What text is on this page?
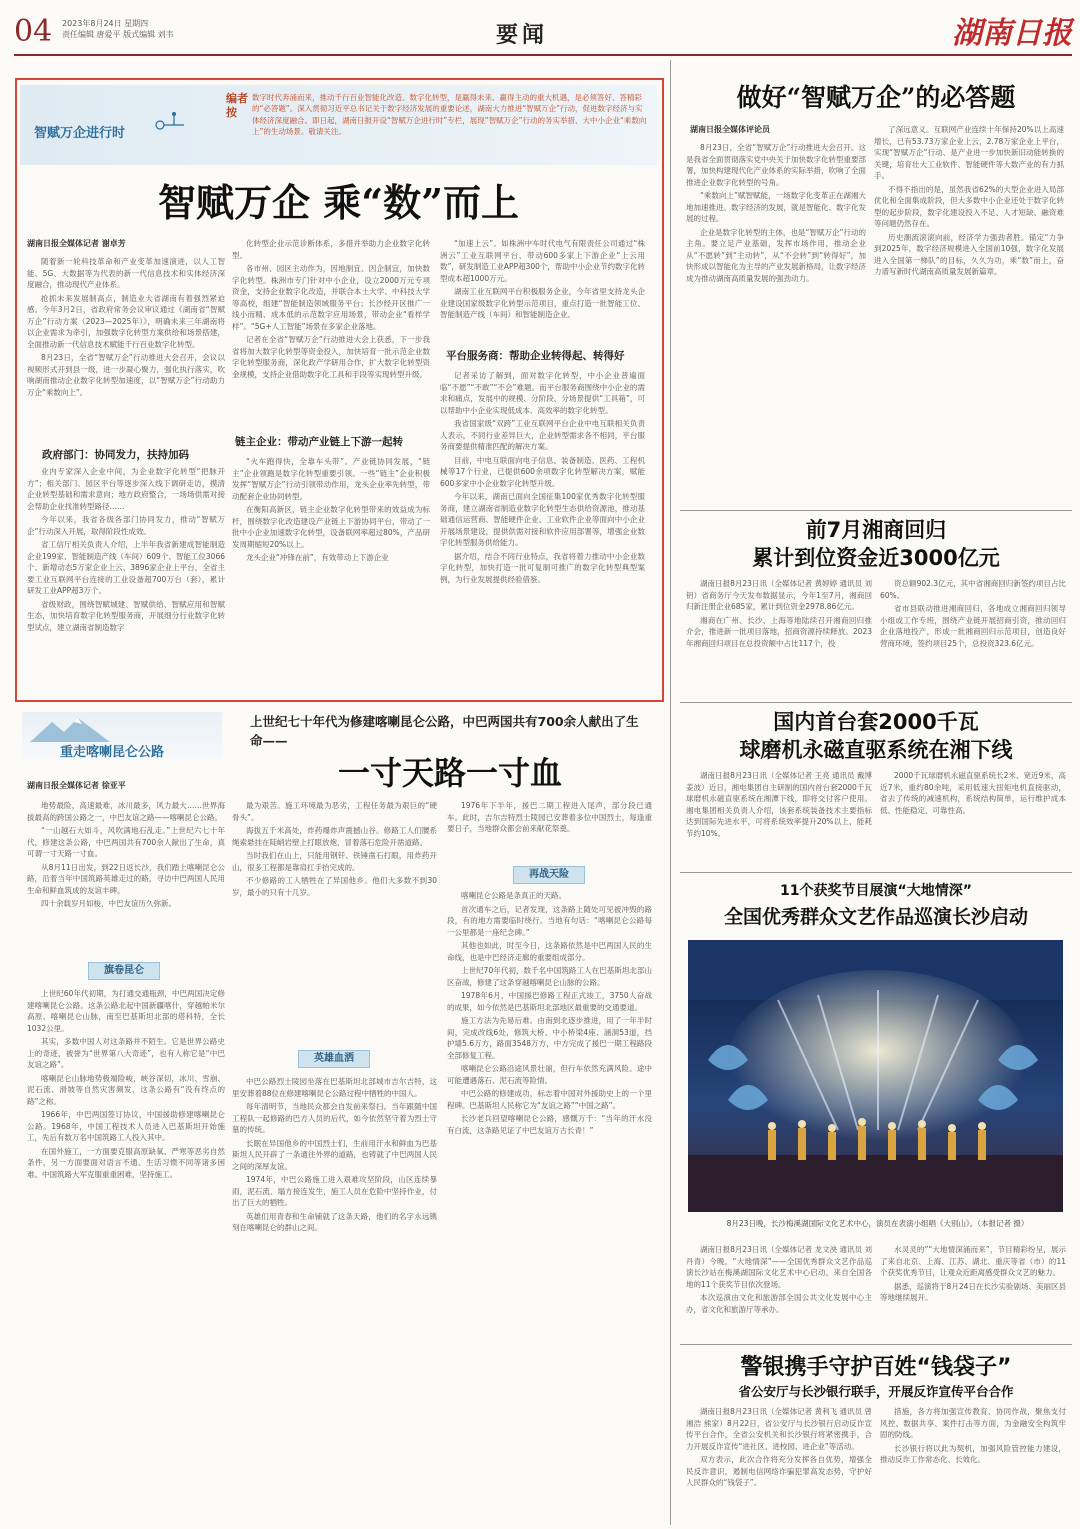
04 2023年8月24日 星期四
责任编辑 唐爱平 版式编辑 刘韦	要闻	湖南日报
智赋万企进行时
编者按
数字时代奔涌而来，推动千行百业智能化改造、数字化转型，是赢得未来、赢得主动的重大机遇，是必须答好、答精彩的“必答题”。深入贯彻习近平总书记关于数字经济发展的重要论述，湖南大力推进“智赋万企”行动，促进数字经济与实体经济深度融合。即日起，湖南日报开设“智赋万企进行时”专栏，展现“智赋万企”行动的务实举措、大中小企业“乘数向上”的生动场景。敬请关注。
智赋万企 乘“数”而上
湖南日报全媒体记者 谢卓芳

随着新一轮科技革命和产业变革加速演进，以人工智能、5G、大数据等为代表的新一代信息技术和实体经济深度融合，推动现代产业体系。

抢抓未来发展制高点，制造业大省湖南有着强烈紧迫感。今年3月2日，省政府常务会议审议通过《湖南省“智赋万企”行动方案（2023—2025年）》，明确未来三年湖南将以企业需求为牵引，加强数字化转型方案供给和场景搭建，全面推动新一代信息技术赋能千行百业数字化转型。

8月23日，全省“智赋万企”行动推进大会召开，会议以视频形式开到县一级，进一步凝心聚力，强化执行落实，吹响湖南推动企业数字化转型加速度，以“智赋万企”行动助力万企“乘数向上”。

政府部门：协同发力，扶持加码

业内专家深入企业中间，为企业数字化转型“把脉开方”；相关部门、园区平台等逐步深入线下调研走访，摸清企业转型基础和需求意向；地方政府整合，一场场供需对接会帮助企业找准转型路径……

今年以来，我省各级各部门协同发力，推动“智赋万企”行动深入开展，取得阶段性成效。

省工信厅相关负责人介绍，上半年我省新建成智能制造企业199家、智能制造产线（车间）609个、智能工位3066个、新增动态5万家企业上云、3896家企业上平台，全省主要工业互联网平台连接的工业设备超700万台（套），累计研发工业APP超3万个。

省级财政，围绕智赋城建、智赋供给、智赋应用和智赋生态，加快培育数字化转型服务商，开展细分行业数字化转型试点，建立湖南省制造数字

化转型企业示范诊断体系，多措并举助力企业数字化转型。

各市州、园区主动作为，因地制宜、因企制宜，加快数字化转型。株洲市专门针对中小企业，设立2000万元专项资金，支持企业数字化改造，并联合本土大学、中科技大学等高校，组建“智能制造领域服务平台；长沙经开区推广一线小而精、成本低的示范数字应用场景，带动企业“看样学样”。“5G+人工智能”场景在多家企业落地。

记者在全省“智赋万企”行动推进大会上获悉，下一步我省将加大数字化转型等资金投入，加快培育一批示范企业数字化转型服务商，深化政产学研用合作，扩大数字化转型资金规模，支持企业借助数字化工具和手段等实现转型升级。

链主企业：带动产业链上下游一起转

“火车跑得快，全靠车头带”。产业链协同发展，“链主”企业领跑是数字化转型重要引领。一些“链主”企业积极发挥“智赋万企”行动引领带动作用，龙头企业率先转型，带动配套企业协同转型。

在衡阳高新区，链主企业数字化转型带来的效益成为标杆，围绕数字化改造建设产业链上下游协同平台，带动了一批中小企业加速数字化转型，设备联网率超过80%，产品研发周期缩短20%以上。

龙头企业“冲锋在前”，有效带动上下游企业

“加速上云”。如株洲中车时代电气有限责任公司通过“株洲云”工业互联网平台，带动600多家上下游企业“上云用数”，研发制造工业APP超300个，帮助中小企业节约数字化转型成本超1000万元。

湖南工业互联网平台积极服务企业，今年省里支持龙头企业建设国家级数字化转型示范项目，重点打造一批智能工位、智能制造产线（车间）和智能制造企业。

平台服务商：帮助企业转得起、转得好

记者采访了解到，面对数字化转型，中小企业普遍面临“不愿”“不敢”“不会”难题。而平台服务商围绕中小企业的需求和痛点，发展中的规模、分阶段、分场景提供“工具箱”，可以帮助中小企业实现低成本、高效率的数字化转型。

我省国家级“双跨”工业互联网平台企业中电互联相关负责人表示，不同行业差异巨大，企业转型需求各不相同，平台服务商要提供精准匹配的解决方案。

目前，中电互联面向电子信息、装备制造、医药、工程机械等17个行业，已提供600余项数字化转型解决方案，赋能600多家中小企业数字化转型升级。

今年以来，湖南已面向全国征集100家优秀数字化转型服务商，建立湖南省制造业数字化转型生态供给资源池，推动基础通信运营商、智能硬件企业、工业软件企业等面向中小企业开展场景建设，提供供需对接和软件应用部署等，增强企业数字化转型服务供给能力。

据介绍，结合不同行业特点，我省将着力推动中小企业数字化转型，加快打造一批可复制可推广的数字化转型典型案例，为行业发展提供经验借鉴。

重走喀喇昆仑公路
上世纪七十年代为修建喀喇昆仑公路，中巴两国共有700余人献出了生命——
一寸天路一寸血
湖南日报全媒体记者 徐亚平

地势最险，高速最难，冰川最多，风力最大……世界海拔最高的跨国公路之一，中巴友谊之路——喀喇昆仑公路。

“一山越石大如斗，风吹满地石乱走。”上世纪六七十年代，修建这条公路，中巴两国共有700余人献出了生命，真可谓一寸天路一寸血。

从8月11日出发，到22日返长沙，我们踏上喀喇昆仑公路，沿着当年中国筑路英雄走过的路，寻访中巴两国人民用生命和鲜血筑成的友谊丰碑。

四十余载岁月如梭，中巴友谊历久弥新。

旗卷昆仑

上世纪60年代初期，为打通交通瓶颈，中巴两国决定修建喀喇昆仑公路。这条公路北起中国新疆喀什，穿越帕米尔高原、喀喇昆仑山脉，南至巴基斯坦北部的塔科特，全长1032公里。

其实，多数中国人对这条路并不陌生。它是世界公路史上的奇迹，被誉为“世界第八大奇迹”，也有人称它是“中巴友谊之路”。

喀喇昆仑山脉地势极端险峻，峡谷深切，冰川、雪崩、泥石流、滑坡等自然灾害频发，这条公路有“没有终点的路”之称。

1966年，中巴两国签订协议，中国援助修建喀喇昆仑公路。1968年，中国工程技术人员进入巴基斯坦开始施工，先后有数万名中国筑路工人投入其中。

在国外施工，一方面要克服高原缺氧、严寒等恶劣自然条件，另一方面要面对语言不通、生活习惯不同等诸多困难。中国筑路大军克服重重困难，坚持施工。

最为艰苦。施工环境最为恶劣，工程任务最为艰巨的“硬骨头”。

海拔五千米高处，炸药爆炸声震撼山谷。修路工人们腰系绳索悬挂在陡峭岩壁上打眼放炮，冒着落石危险开凿道路。

当时我们在山上，只能用钢钎、铁锤凿石打眼，用炸药开山，很多工程都是靠肩扛手抬完成的。

不少修路的工人牺牲在了异国他乡。他们大多数不到30岁，最小的只有十几岁。

英雄血洒

中巴公路烈士陵园坐落在巴基斯坦北部城市吉尔吉特，这里安葬着88位在修建喀喇昆仑公路过程中牺牲的中国人。

每年清明节，当地民众都会自发前来祭扫。当年跟随中国工程队一起修路的巴方人员的后代，如今依然坚守着为烈士守墓的传统。

长眠在异国他乡的中国烈士们，生前用汗水和鲜血为巴基斯坦人民开辟了一条通往外界的道路，也铸就了中巴两国人民之间的深厚友谊。

1974年，中巴公路施工进入艰难攻坚阶段，山区连续暴雨，泥石流、塌方接连发生，施工人员在危险中坚持作业，付出了巨大的牺牲。

英雄们用青春和生命铺就了这条天路，他们的名字永远镌刻在喀喇昆仑的群山之间。

1976年下半年，援巴二期工程进入尾声，部分段已通车。此时，吉尔吉特烈士陵园已安葬着多位中国烈士，每逢重要日子，当地群众都会前来献花祭奠。

再战天险

喀喇昆仑公路是条真正的天路。

首次通车之后，记者发现，这条路上随处可见被冲毁的路段，有的地方需要临时绕行。当地有句话：“喀喇昆仑公路每一公里都是一座纪念碑。”

其他也如此，时至今日，这条路依然是中巴两国人民的生命线，也是中巴经济走廊的重要组成部分。

上世纪70年代初，数千名中国筑路工人在巴基斯坦北部山区奋战，修建了这条穿越喀喇昆仑山脉的公路。

1978年6月，中国援巴修路工程正式竣工，3750人奋战的成果，如今依然是巴基斯坦北部地区最重要的交通要道。

施工方法为先易后难。由南到北逐步推进，用了一年半时间，完成改线6处，修筑大桥、中小桥梁4座、涵洞53道，挡护墙5.6万方，路面3548万方，中方完成了援巴一期工程路段全部修复工程。

喀喇昆仑公路沿途风景壮丽，但行车依然充满风险。途中可能遭遇落石、泥石流等险情。

中巴公路的修建成功，标志着中国对外援助史上的一个里程碑。巴基斯坦人民称它为“友谊之路”“中国之路”。

长沙老兵回望喀喇昆仑公路，感慨万千：“当年的汗水没有白流，这条路见证了中巴友谊万古长青！”

做好“智赋万企”的必答题
湖南日报全媒体评论员

8月23日，全省“智赋万企”行动推进大会召开。这是我省全面贯彻落实党中央关于加快数字化转型重要部署，加快构建现代化产业体系的实际举措，吹响了全面推进企业数字化转型的号角。

“乘数向上”赋智赋能，一场数字化变革正在湖湘大地加速推进。数字经济的发展，就是智能化、数字化发展的过程。

企业是数字化转型的主体，也是“智赋万企”行动的主角。要立足产业基础，发挥市场作用，推动企业从“不愿转”到“主动转”，从“不会转”到“转得好”，加快形成以智能化为主导的产业发展新格局，让数字经济成为推动湖南高质量发展的强劲动力。

了深远意义。互联网产业连续十年保持20%以上高速增长，已有53.73万家企业上云，2.78万家企业上平台，实现“智赋万企”行动、是产业进一步加快新旧动能转换的关键，培育壮大工业软件、智能硬件等大数产业的有力抓手。

不得不指出的是，虽然我省62%的大型企业进入局部优化和全面集成阶段，但大多数中小企业还处于数字化转型的起步阶段，数字化建设投入不足、人才短缺、融资难等问题仍然存在。

历史潮流滚滚向前，经济学力强劲者胜。锚定“力争到2025年，数字经济规模进入全国前10强，数字化发展进入全国第一梯队”的目标，久久为功，乘“数”而上，奋力谱写新时代湖南高质量发展新篇章。

前7月湘商回归
累计到位资金近3000亿元

湖南日报8月23日讯（全媒体记者 黄婷婷 通讯员 刘钥）省商务厅今天发布数据显示，今年1至7月，湘商回归新注册企业685家，累计到位资金2978.86亿元。

湘商在广州、长沙、上海等地陆续召开湘商回归推介会，推进新一批项目落地，招商资源持续释放。2023年湘商回归项目在总投资额中占比117个，投

资总额902.3亿元，其中省湘商回归新签约项目占比60%。

省市县联动推进湘商回归，各地成立湘商回归领导小组或工作专班，围绕产业链开展招商引资，推动回归企业落地投产，形成一批湘商回归示范项目，创造良好营商环境，签约项目25个，总投资323.6亿元。

国内首台套2000千瓦
球磨机永磁直驱系统在湘下线

湖南日报8月23日讯（全媒体记者 王亮 通讯员 戴博 姜波）近日，湘电集团自主研制的国内首台套2000千瓦球磨机永磁直驱系统在湘潭下线，即将交付客户使用。湘电集团相关负责人介绍，该套系统装备技术主要指标达到国际先进水平，可将系统效率提升20%以上，能耗节约10%。

2000千瓦球磨机永磁直驱系统长2米、宽近9米，高近7米，重约80余吨，采用低速大扭矩电机直接驱动，省去了传统的减速机构，系统结构简单，运行维护成本低、性能稳定、可靠性高。

11个获奖节目展演“大地情深”
全国优秀群众文艺作品巡演长沙启动
8月23日晚，长沙梅溪湖国际文化艺术中心，演员在表演小组唱《大别山》。（本报记者 摄）

湖南日报8月23日讯（全媒体记者 龙文泱 通讯员 刘丹青）今晚，“大地情深”——全国优秀群众文艺作品巡演长沙站在梅溪湖国际文化艺术中心启动，来自全国各地的11个获奖节目依次登场。

本次巡演由文化和旅游部全国公共文化发展中心主办，省文化和旅游厅等承办。

水灵灵的”“大地情深涌而来”，节目精彩纷呈，展示了来自北京、上海、江苏、湖北、重庆等省（市）的11个获奖优秀节目，让观众近距离感受群众文艺的魅力。

据悉，巡演将于8月24日在长沙实验剧场、美丽区县等地继续展开。

警银携手守护百姓“钱袋子”
省公安厅与长沙银行联手，开展反诈宣传平台合作

湖南日报8月23日讯（全媒体记者 黄利飞 通讯员 曾湘浩 熊家）8月22日，省公安厅与长沙银行启动反诈宣传平台合作，全省公安机关和长沙银行将紧密携手，合力开展反诈宣传“进社区、进校园、进企业”等活动。

双方表示，此次合作将充分发挥各自优势，增强全民反诈意识，遏制电信网络诈骗犯罪高发态势，守护好人民群众的“钱袋子”。

措施，各方将加强宣传教育、协同作战，聚焦支付风控、数据共享、案件打击等方面，为金融安全构筑牢固的防线。

长沙银行将以此为契机，加强风险管控能力建设，推动反诈工作常态化、长效化。
